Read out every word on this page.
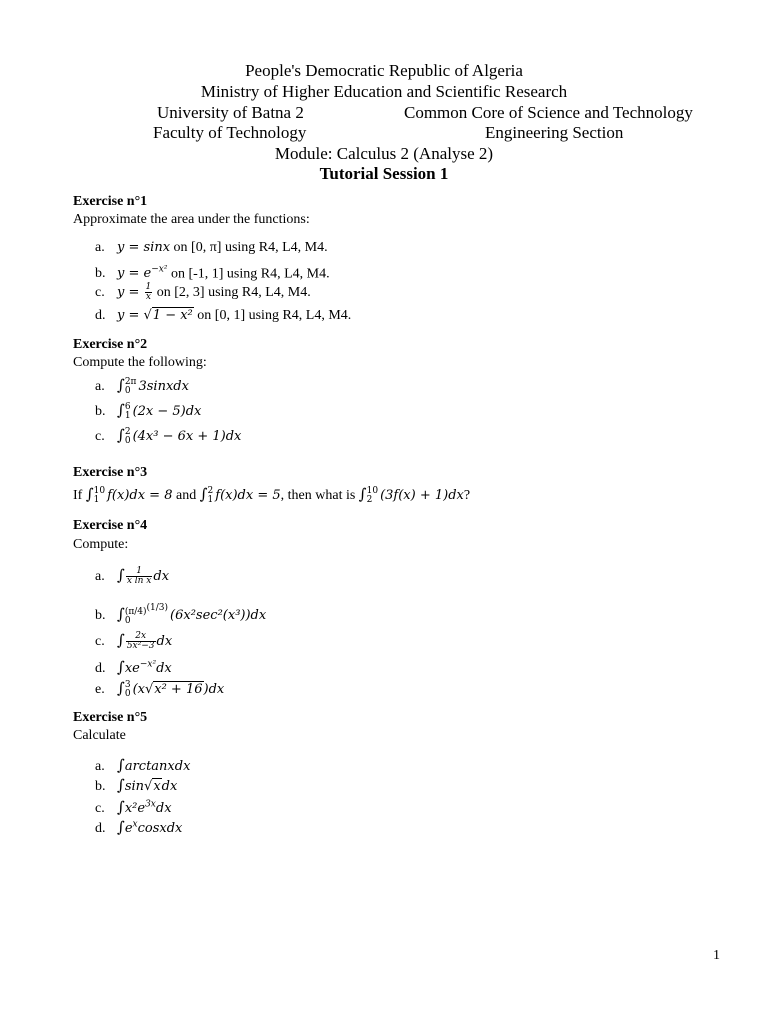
People's Democratic Republic of Algeria
Ministry of Higher Education and Scientific Research
University of Batna 2	Common Core of Science and Technology
Faculty of Technology	Engineering Section
Module: Calculus 2 (Analyse 2)
Tutorial Session 1
Exercise n°1
Approximate the area under the functions:
a. y = sinx on [0, π] using R4, L4, M4.
b. $y = e^{-x^2}$ on [-1, 1] using R4, L4, M4.
c. $y = \frac{1}{x}$ on [2, 3] using R4, L4, M4.
d. y = √1 − x² on [0, 1] using R4, L4, M4.
Exercise n°2
Compute the following:
a. ∫ 2π
0 3sinxdx
b. ∫ 6
1 (2x − 5)dx
c. ∫ 2
0 (4x³ − 6x + 1)dx
Exercise n°3
If ∫ 10
1 f(x)dx = 8 and ∫ 2
1 f(x)dx = 5, then what is ∫ 10
2 (3f(x) + 1)dx?
Exercise n°4
Compute:
a. ∫ $\frac{1}{\text{x ln x}}$ dx
b. ∫ $(\pi/4)^{(1/3)}$
0	(6x²sec²(x³))dx
c. ∫ $\frac{2x}{\text{5x²−3}}$ dx
d. $\int xe^{-x^2}dx$
e. ∫ 3
0 (x√x² + 16)dx
Exercise n°5
Calculate
a. ∫arctanxdx
b. ∫sin√xdx
c. $\int x^2e^{3x}dx$
d. $\int e^xcosxdx$
1
